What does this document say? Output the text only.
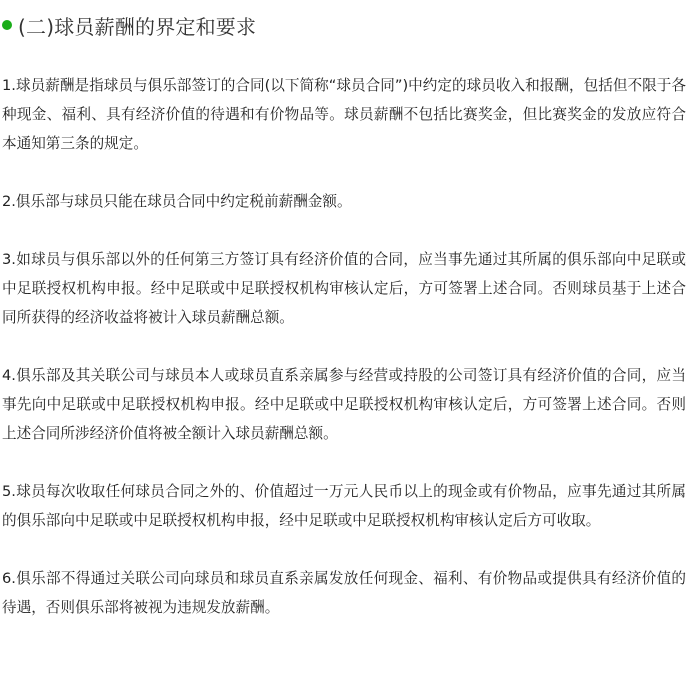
(二)球员薪酬的界定和要求

1.球员薪酬是指球员与俱乐部签订的合同(以下简称“球员合同”)中约定的球员收入和报酬，包括但不限于各种现金、福利、具有经济价值的待遇和有价物品等。球员薪酬不包括比赛奖金，但比赛奖金的发放应符合本通知第三条的规定。

2.俱乐部与球员只能在球员合同中约定税前薪酬金额。

3.如球员与俱乐部以外的任何第三方签订具有经济价值的合同，应当事先通过其所属的俱乐部向中足联或中足联授权机构申报。经中足联或中足联授权机构审核认定后，方可签署上述合同。否则球员基于上述合同所获得的经济收益将被计入球员薪酬总额。

4.俱乐部及其关联公司与球员本人或球员直系亲属参与经营或持股的公司签订具有经济价值的合同，应当事先向中足联或中足联授权机构申报。经中足联或中足联授权机构审核认定后，方可签署上述合同。否则上述合同所涉经济价值将被全额计入球员薪酬总额。

5.球员每次收取任何球员合同之外的、价值超过一万元人民币以上的现金或有价物品，应事先通过其所属的俱乐部向中足联或中足联授权机构申报，经中足联或中足联授权机构审核认定后方可收取。

6.俱乐部不得通过关联公司向球员和球员直系亲属发放任何现金、福利、有价物品或提供具有经济价值的待遇，否则俱乐部将被视为违规发放薪酬。
